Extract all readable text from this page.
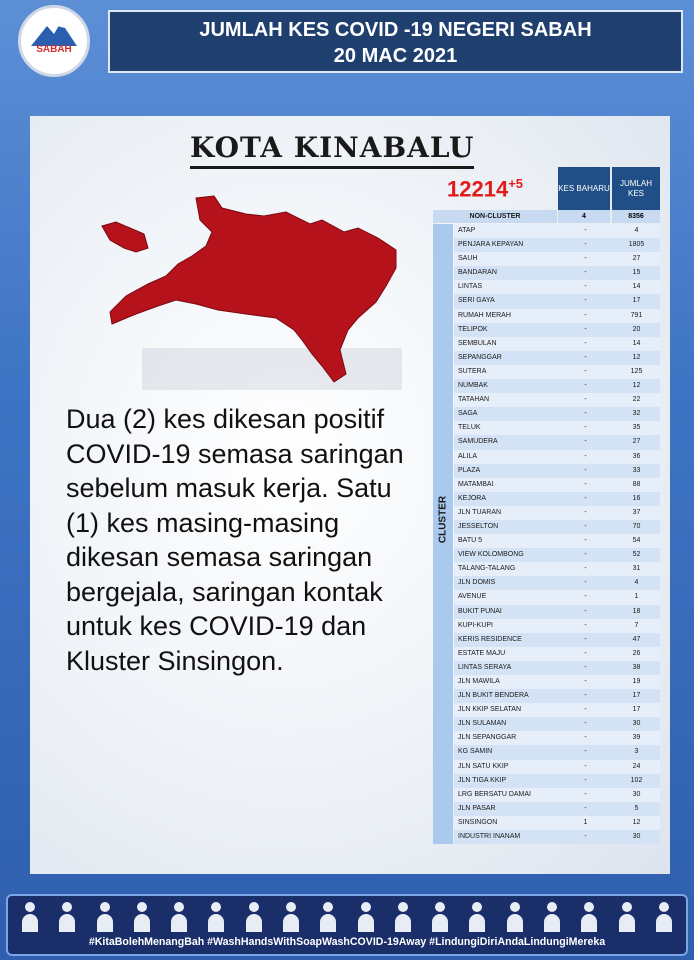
SABAH
JUMLAH KES COVID -19 NEGERI SABAH
20 MAC 2021
KOTA KINABALU
Dua (2) kes dikesan positif COVID-19 semasa saringan sebelum masuk kerja. Satu (1) kes masing-masing dikesan semasa saringan bergejala, saringan kontak untuk kes COVID-19 dan Kluster Sinsingon.
$12214^{+5}$	KES BAHARU
JUMLAH KES
NON-CLUSTER	4	8356
CLUSTER
ATAP	-	4
PENJARA KEPAYAN	-	1805
SAUH	-	27
BANDARAN	-	15
LINTAS	-	14
SERI GAYA	-	17
RUMAH MERAH	-	791
TELIPOK	-	20
SEMBULAN	-	14
SEPANGGAR	-	12
SUTERA	-	125
NUMBAK	-	12
TATAHAN	-	22
SAGA	-	32
TELUK	-	35
SAMUDERA	-	27
ALILA	-	36
PLAZA	-	33
MATAMBAI	-	88
KEJORA	-	16
JLN TUARAN	-	37
JESSELTON	-	70
BATU 5	-	54
VIEW KOLOMBONG	-	52
TALANG-TALANG	-	31
JLN DOMIS	-	4
AVENUE	-	1
BUKIT PUNAI	-	18
KUPI-KUPI	-	7
KERIS RESIDENCE	-	47
ESTATE MAJU	-	26
LINTAS SERAYA	-	38
JLN MAWILA	-	19
JLN BUKIT BENDERA	-	17
JLN KKIP SELATAN	-	17
JLN SULAMAN	-	30
JLN SEPANGGAR	-	39
KG SAMIN	-	3
JLN SATU KKIP	-	24
JLN TIGA KKIP	-	102
LRG BERSATU DAMAI	-	30
JLN PASAR	-	5
SINSINGON	1	12
INDUSTRI INANAM	-	30
#KitaBolehMenangBah #WashHandsWithSoapWashCOVID-19Away #LindungiDiriAndaLindungiMereka
